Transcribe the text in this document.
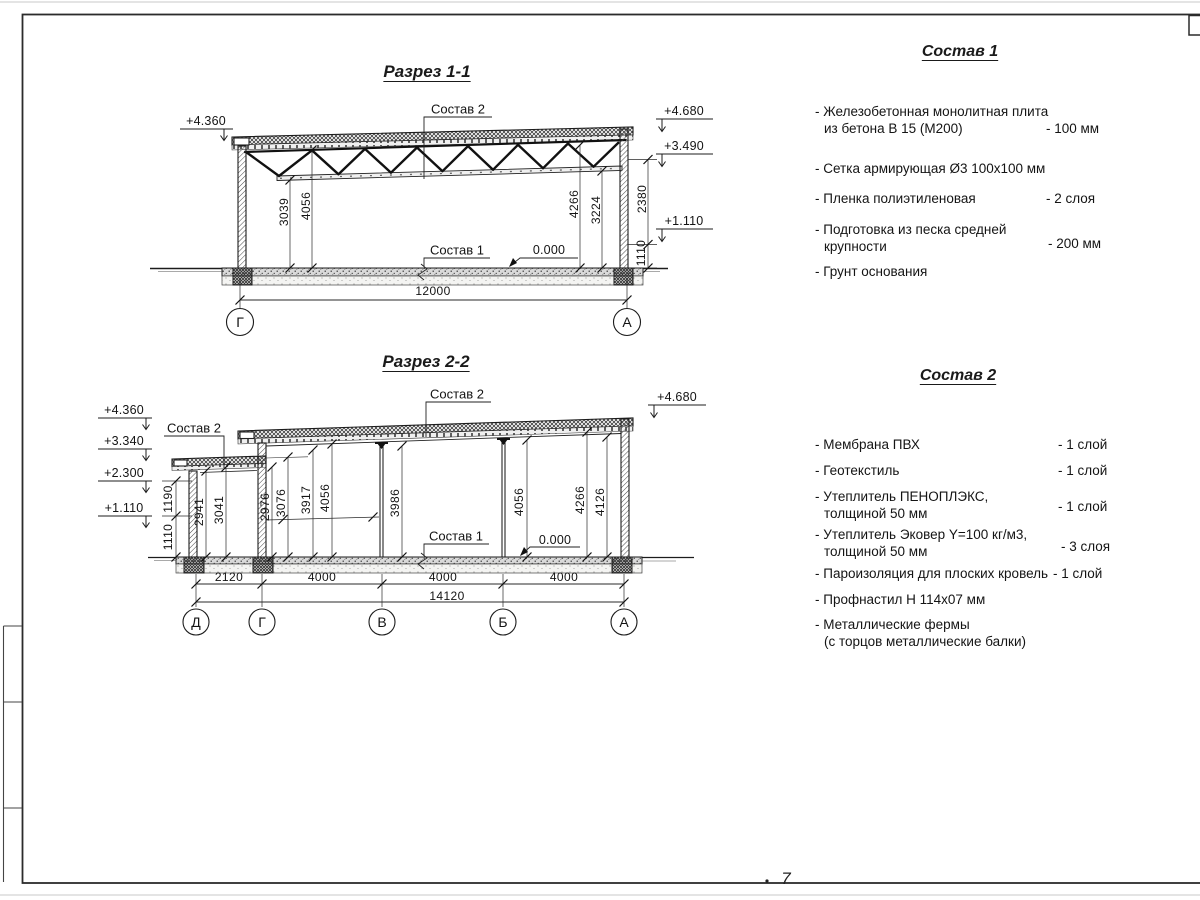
Разрез 1-1
+4.360
+4.680
+3.490
+1.110
Состав 2
Состав 1	0.000
3039 4056	4266 3224	2380
1110
12000
Г	А
Разрез 2-2
+4.360
+3.340
+2.300
+1.110
+4.680
Состав 2
Состав 2
Состав 1	0.000
1190
1110
2941 3041	2976 3076 3917 4056	3986	4056	4266 4126
2120	4000	4000	4000
14120
Д	Г	В	Б	А
Состав 1
- Железобетонная монолитная плита
из бетона В 15 (М200)	- 100 мм
- Сетка армирующая Ø3 100х100 мм
- Пленка полиэтиленовая	- 2 слоя
- Подготовка из песка средней
крупности	- 200 мм
- Грунт основания
Состав 2
- Мембрана ПВХ	- 1 слой
- Геотекстиль	- 1 слой
- Утеплитель ПЕНОПЛЭКС,
толщиной 50 мм	- 1 слой
- Утеплитель Эковер Y=100 кг/м3,
толщиной 50 мм	- 3 слоя
- Пароизоляция для плоских кровель - 1 слой
- Профнастил Н 114х07 мм
- Металлические фермы
(с торцов металлические балки)
7
